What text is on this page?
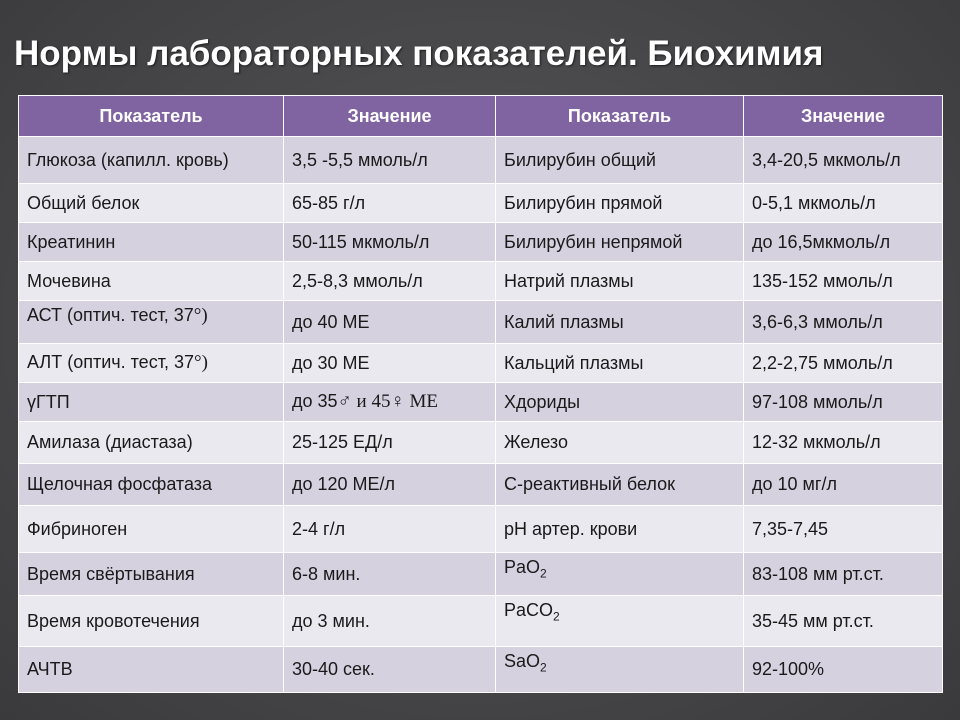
Нормы лабораторных показателей. Биохимия
Показатель	Значение	Показатель	Значение
Глюкоза (капилл. кровь)	3,5 -5,5 ммоль/л	Билирубин общий	3,4-20,5 мкмоль/л
Общий белок	65-85 г/л	Билирубин прямой	0-5,1 мкмоль/л
Креатинин	50-115 мкмоль/л	Билирубин непрямой	до 16,5мкмоль/л
Мочевина	2,5-8,3 ммоль/л	Натрий плазмы	135-152 ммоль/л
АСТ (оптич. тест, 37°)	до 40 МЕ	Калий плазмы	3,6-6,3 ммоль/л
АЛТ (оптич. тест, 37°)	до 30 МЕ	Кальций плазмы	2,2-2,75 ммоль/л
γГТП	до 35♂ и 45♀ МЕ	Хдориды	97-108 ммоль/л
Амилаза (диастаза)	25-125 ЕД/л	Железо	12-32 мкмоль/л
Щелочная фосфатаза	до 120 МЕ/л	С-реактивный белок	до 10 мг/л
Фибриноген	2-4 г/л	рН артер. крови	7,35-7,45
Время свёртывания	6-8 мин.	PaO$_2$	83-108 мм рт.ст.
Время кровотечения	до 3 мин.	PaCO$_2$	35-45 мм рт.ст.
АЧТВ	30-40 сек.	SaO$_2$	92-100%
